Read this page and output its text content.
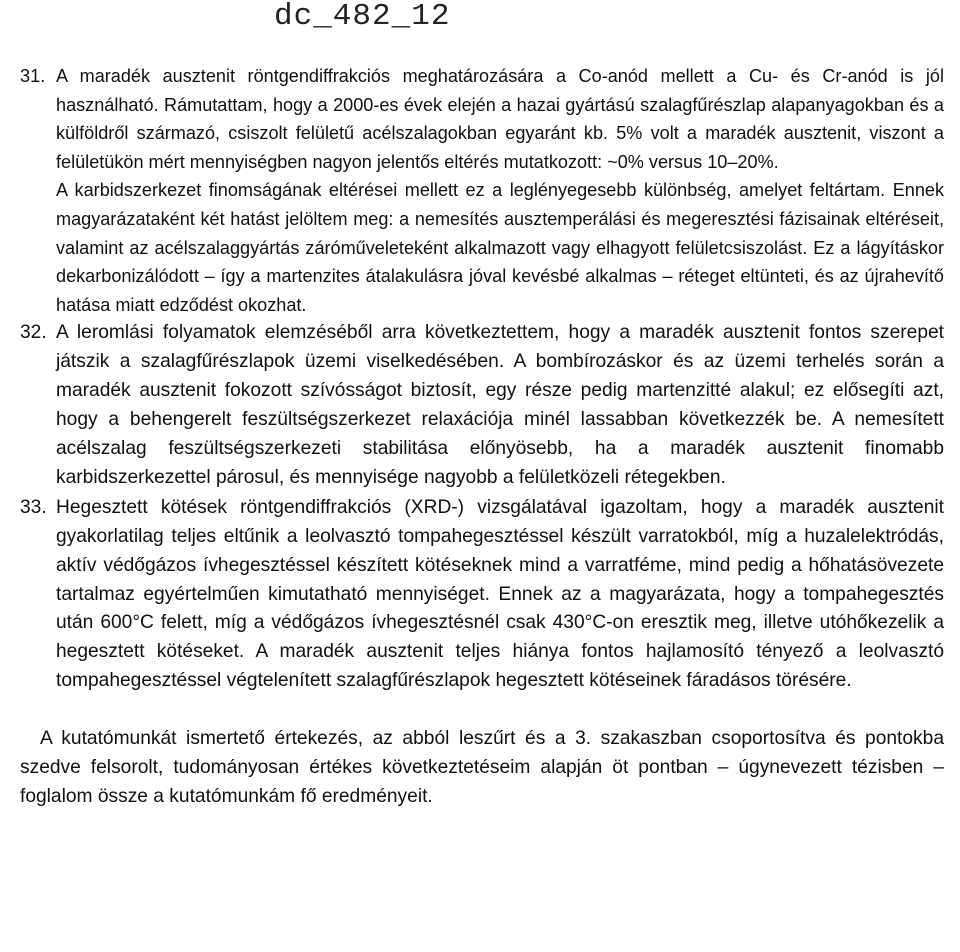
dc_482_12
31. A maradék ausztenit röntgendiffrakciós meghatározására a Co-anód mellett a Cu- és Cr-anód is jól használható. Rámutattam, hogy a 2000-es évek elején a hazai gyártású szalagfűrészlap alapanyagokban és a külföldről származó, csiszolt felületű acélszalagokban egyaránt kb. 5% volt a maradék ausztenit, viszont a felületükön mért mennyiségben nagyon jelentős eltérés mutatkozott: ~0% versus 10–20%.

A karbidszerkezet finomságának eltérései mellett ez a leglényegesebb különbség, amelyet feltártam. Ennek magyarázataként két hatást jelöltem meg: a nemesítés ausztemperálási és megeresztési fázisainak eltéréseit, valamint az acélszalaggyártás záróműveleteként alkalmazott vagy elhagyott felületcsiszolást. Ez a lágyításkor dekarbonizálódott – így a martenzites átalakulásra jóval kevésbé alkalmas – réteget eltünteti, és az újrahevítő hatása miatt edződést okozhat.

32. A leromlási folyamatok elemzéséből arra következtettem, hogy a maradék ausztenit fontos szerepet játszik a szalagfűrészlapok üzemi viselkedésében. A bombírozáskor és az üzemi terhelés során a maradék ausztenit fokozott szívósságot biztosít, egy része pedig martenzitté alakul; ez elősegíti azt, hogy a behengerelt feszültségszerkezet relaxációja minél lassabban következzék be. A nemesített acélszalag feszültségszerkezeti stabilitása előnyösebb, ha a maradék ausztenit finomabb karbidszerkezettel párosul, és mennyisége nagyobb a felületközeli rétegekben.

33. Hegesztett kötések röntgendiffrakciós (XRD-) vizsgálatával igazoltam, hogy a maradék ausztenit gyakorlatilag teljes eltűnik a leolvasztó tompahegesztéssel készült varratokból, míg a huzalelektródás, aktív védőgázos ívhegesztéssel készített kötéseknek mind a varratféme, mind pedig a hőhatásövezete tartalmaz egyértelműen kimutatható mennyiséget. Ennek az a magyarázata, hogy a tompahegesztés után 600°C felett, míg a védőgázos ívhegesztésnél csak 430°C-on eresztik meg, illetve utóhőkezelik a hegesztett kötéseket. A maradék ausztenit teljes hiánya fontos hajlamosító tényező a leolvasztó tompahegesztéssel végtelenített szalagfűrészlapok hegesztett kötéseinek fáradásos törésére.

A kutatómunkát ismertető értekezés, az abból leszűrt és a 3. szakaszban csoportosítva és pontokba szedve felsorolt, tudományosan értékes következtetéseim alapján öt pontban – úgynevezett tézisben – foglalom össze a kutatómunkám fő eredményeit.
